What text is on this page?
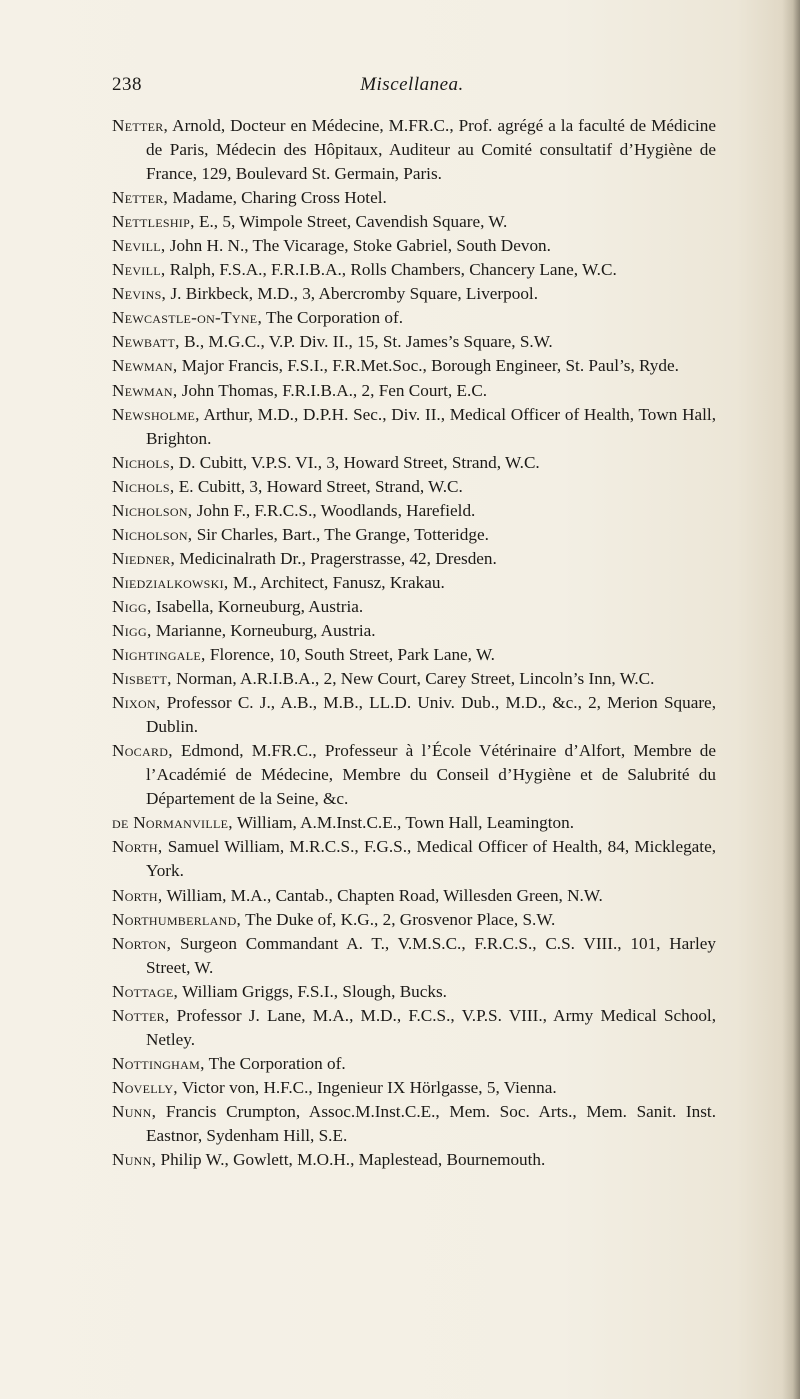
238	Miscellanea.
Netter, Arnold, Docteur en Médecine, M.FR.C., Prof. agrégé a la faculté de Médicine de Paris, Médecin des Hôpitaux, Auditeur au Comité consultatif d’Hygiène de France, 129, Boulevard St. Germain, Paris.
Netter, Madame, Charing Cross Hotel.
Nettleship, E., 5, Wimpole Street, Cavendish Square, W.
Nevill, John H. N., The Vicarage, Stoke Gabriel, South Devon.
Nevill, Ralph, F.S.A., F.R.I.B.A., Rolls Chambers, Chancery Lane, W.C.
Nevins, J. Birkbeck, M.D., 3, Abercromby Square, Liverpool.
Newcastle-on-Tyne, The Corporation of.
Newbatt, B., M.G.C., V.P. Div. II., 15, St. James’s Square, S.W.
Newman, Major Francis, F.S.I., F.R.Met.Soc., Borough Engineer, St. Paul’s, Ryde.
Newman, John Thomas, F.R.I.B.A., 2, Fen Court, E.C.
Newsholme, Arthur, M.D., D.P.H. Sec., Div. II., Medical Officer of Health, Town Hall, Brighton.
Nichols, D. Cubitt, V.P.S. VI., 3, Howard Street, Strand, W.C.
Nichols, E. Cubitt, 3, Howard Street, Strand, W.C.
Nicholson, John F., F.R.C.S., Woodlands, Harefield.
Nicholson, Sir Charles, Bart., The Grange, Totteridge.
Niedner, Medicinalrath Dr., Pragerstrasse, 42, Dresden.
Niedzialkowski, M., Architect, Fanusz, Krakau.
Nigg, Isabella, Korneuburg, Austria.
Nigg, Marianne, Korneuburg, Austria.
Nightingale, Florence, 10, South Street, Park Lane, W.
Nisbett, Norman, A.R.I.B.A., 2, New Court, Carey Street, Lincoln’s Inn, W.C.
Nixon, Professor C. J., A.B., M.B., LL.D. Univ. Dub., M.D., &c., 2, Merion Square, Dublin.
Nocard, Edmond, M.FR.C., Professeur à l’École Vétérinaire d’Alfort, Membre de l’Académié de Médecine, Membre du Conseil d’Hygiène et de Salubrité du Département de la Seine, &c.
de Normanville, William, A.M.Inst.C.E., Town Hall, Leamington.
North, Samuel William, M.R.C.S., F.G.S., Medical Officer of Health, 84, Micklegate, York.
North, William, M.A., Cantab., Chapten Road, Willesden Green, N.W.
Northumberland, The Duke of, K.G., 2, Grosvenor Place, S.W.
Norton, Surgeon Commandant A. T., V.M.S.C., F.R.C.S., C.S. VIII., 101, Harley Street, W.
Nottage, William Griggs, F.S.I., Slough, Bucks.
Notter, Professor J. Lane, M.A., M.D., F.C.S., V.P.S. VIII., Army Medical School, Netley.
Nottingham, The Corporation of.
Novelly, Victor von, H.F.C., Ingenieur IX Hörlgasse, 5, Vienna.
Nunn, Francis Crumpton, Assoc.M.Inst.C.E., Mem. Soc. Arts., Mem. Sanit. Inst. Eastnor, Sydenham Hill, S.E.
Nunn, Philip W., Gowlett, M.O.H., Maplestead, Bournemouth.
